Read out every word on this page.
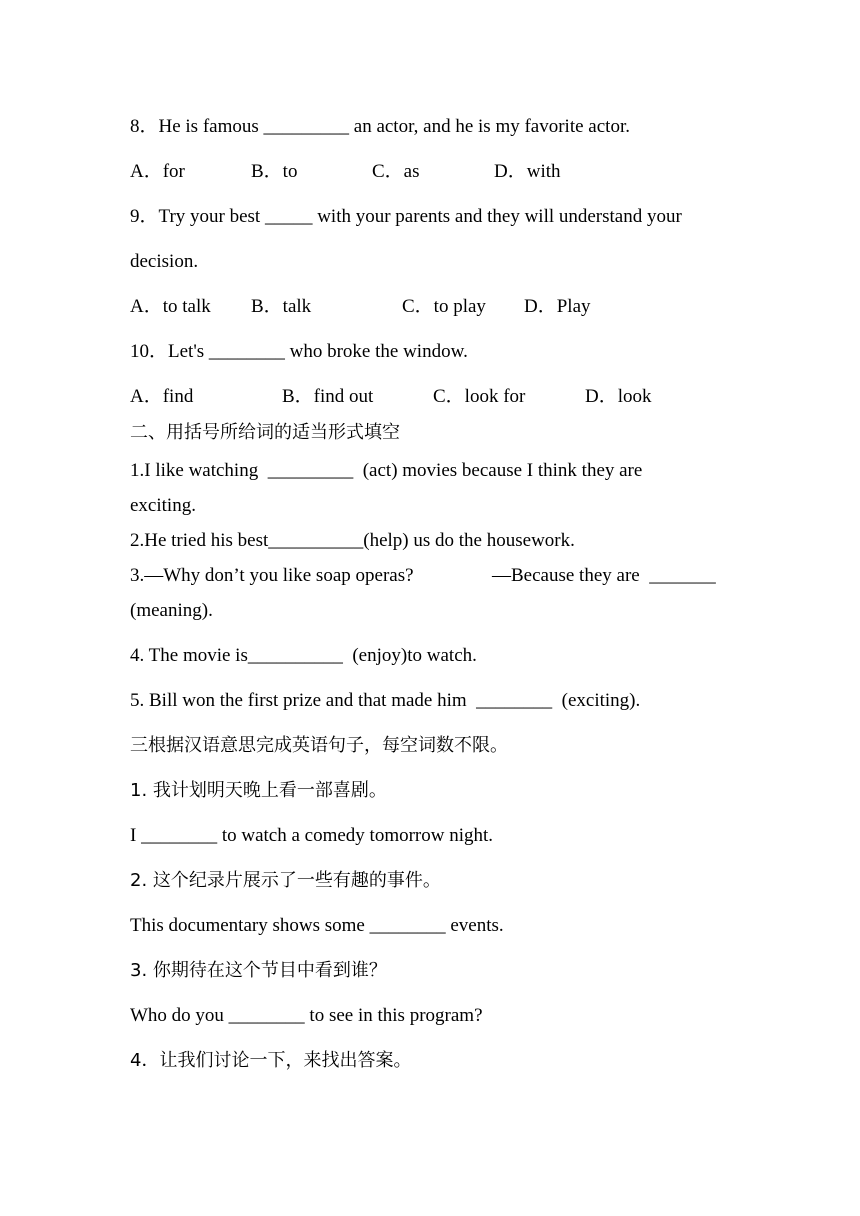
8．He is famous _________ an actor, and he is my favorite actor.
A．for	B．to	C．as	D．with
9．Try your best _____ with your parents and they will understand your
decision.
A．to talk B．talk	C．to play D．Play
10．Let's ________ who broke the window.
A．find	B．find out	C．look for	D．look
二、用括号所给词的适当形式填空
1.I like watching _________ (act) movies because I think they are
exciting.
2.He tried his best__________(help) us do the housework.
3.—Why don’t you like soap operas?	—Because they are _______
(meaning).
4. The movie is__________ (enjoy)to watch.
5. Bill won the first prize and that made him ________ (exciting).
三根据汉语意思完成英语句子，每空词数不限。
1. 我计划明天晚上看一部喜剧。
I ________ to watch a comedy tomorrow night.
2. 这个纪录片展示了一些有趣的事件。
This documentary shows some ________ events.
3. 你期待在这个节目中看到谁？
Who do you ________ to see in this program?
4．让我们讨论一下，来找出答案。
